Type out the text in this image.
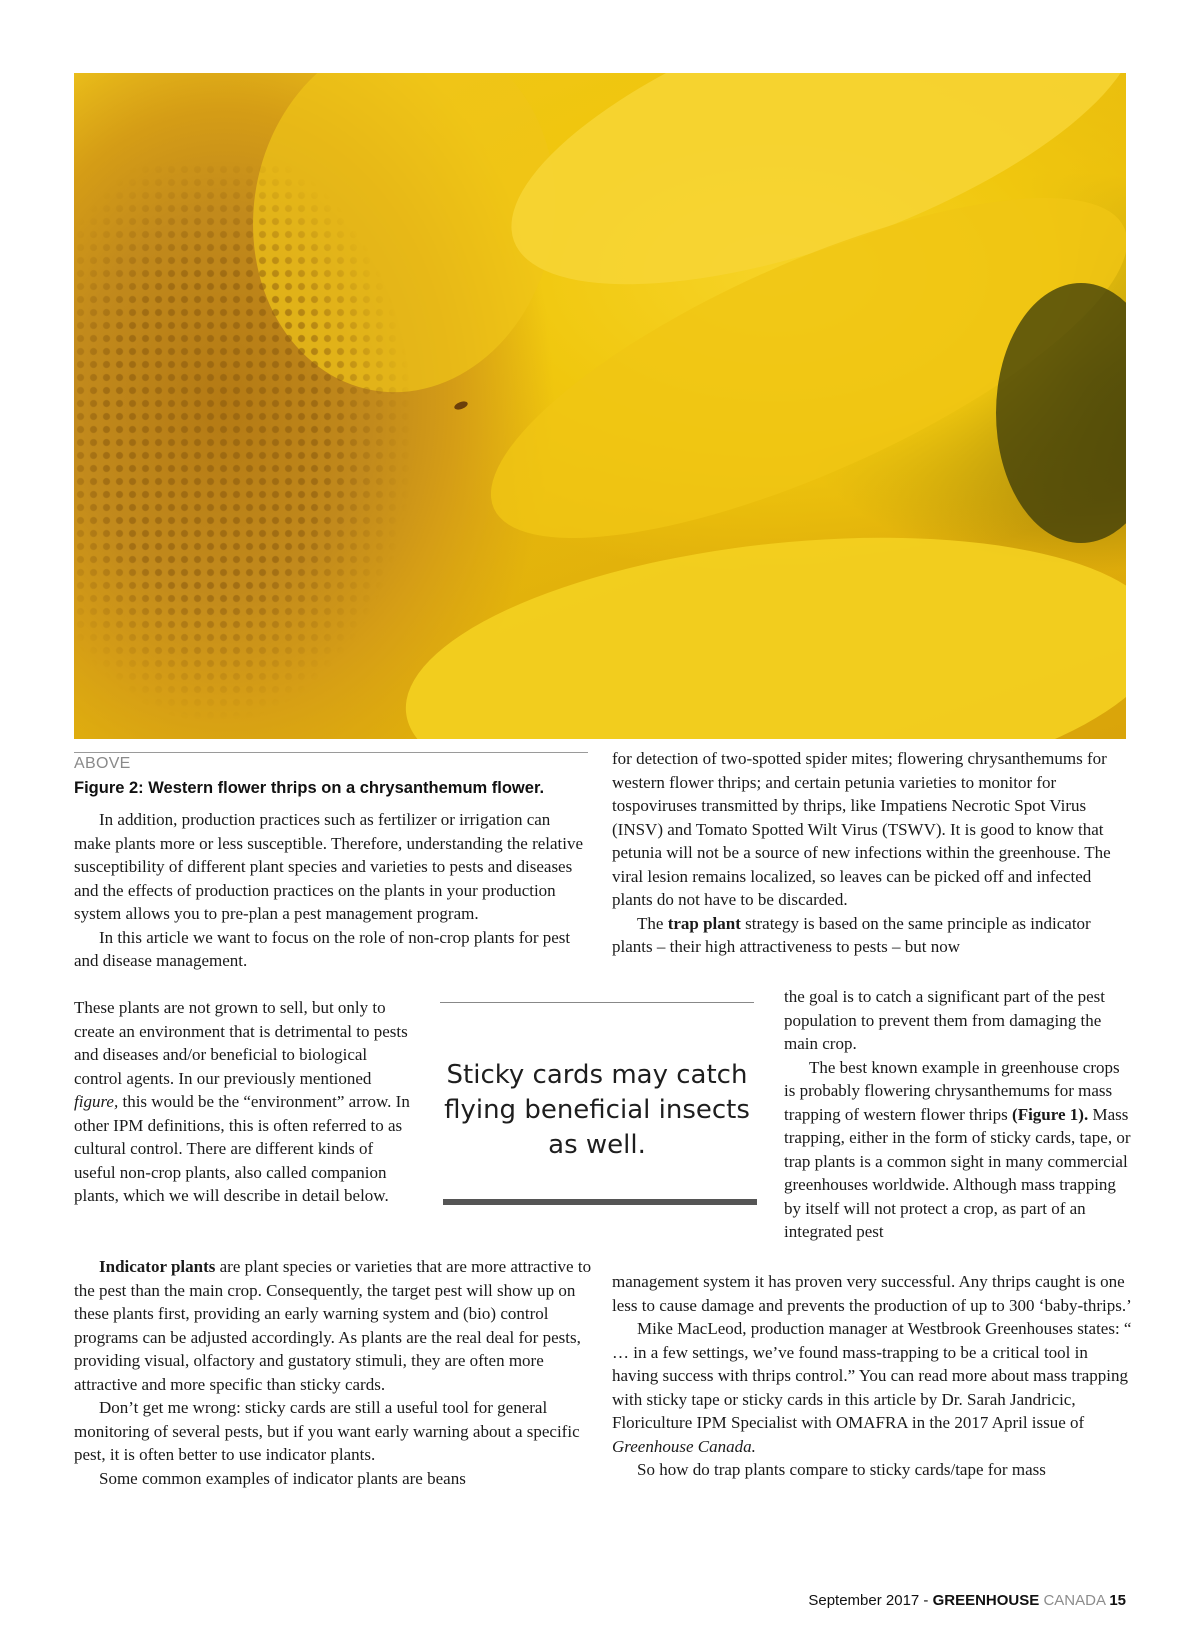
ABOVE
Figure 2: Western flower thrips on a chrysanthemum flower.

In addition, production practices such as fertilizer or irrigation can make plants more or less susceptible. Therefore, understanding the relative susceptibility of different plant species and varieties to pests and diseases and the effects of production practices on the plants in your production system allows you to pre-plan a pest management program.

In this article we want to focus on the role of non-crop plants for pest and disease management.

These plants are not grown to sell, but only to create an environment that is detrimental to pests and diseases and/or beneficial to biological control agents. In our previously mentioned figure, this would be the “environment” arrow. In other IPM definitions, this is often referred to as cultural control. There are different kinds of useful non-crop plants, also called companion plants, which we will describe in detail below.

Indicator plants are plant species or varieties that are more attractive to the pest than the main crop. Consequently, the target pest will show up on these plants first, providing an early warning system and (bio) control programs can be adjusted accordingly. As plants are the real deal for pests, providing visual, olfactory and gustatory stimuli, they are often more attractive and more specific than sticky cards.

Don’t get me wrong: sticky cards are still a useful tool for general monitoring of several pests, but if you want early warning about a specific pest, it is often better to use indicator plants.

Some common examples of indicator plants are beans

Sticky cards may catch flying beneficial insects as well.

for detection of two-spotted spider mites; flowering chrysanthemums for western flower thrips; and certain petunia varieties to monitor for tospoviruses transmitted by thrips, like Impatiens Necrotic Spot Virus (INSV) and Tomato Spotted Wilt Virus (TSWV). It is good to know that petunia will not be a source of new infections within the greenhouse. The viral lesion remains localized, so leaves can be picked off and infected plants do not have to be discarded.

The trap plant strategy is based on the same principle as indicator plants – their high attractiveness to pests – but now

the goal is to catch a significant part of the pest population to prevent them from damaging the main crop.

The best known example in greenhouse crops is probably flowering chrysanthemums for mass trapping of western flower thrips (Figure 1). Mass trapping, either in the form of sticky cards, tape, or trap plants is a common sight in many commercial greenhouses worldwide. Although mass trapping by itself will not protect a crop, as part of an integrated pest

management system it has proven very successful. Any thrips caught is one less to cause damage and prevents the production of up to 300 ‘baby-thrips.’

Mike MacLeod, production manager at Westbrook Greenhouses states: “ … in a few settings, we’ve found mass-trapping to be a critical tool in having success with thrips control.” You can read more about mass trapping with sticky tape or sticky cards in this article by Dr. Sarah Jandricic, Floriculture IPM Specialist with OMAFRA in the 2017 April issue of Greenhouse Canada.

So how do trap plants compare to sticky cards/tape for mass

September 2017 - GREENHOUSE CANADA 15
